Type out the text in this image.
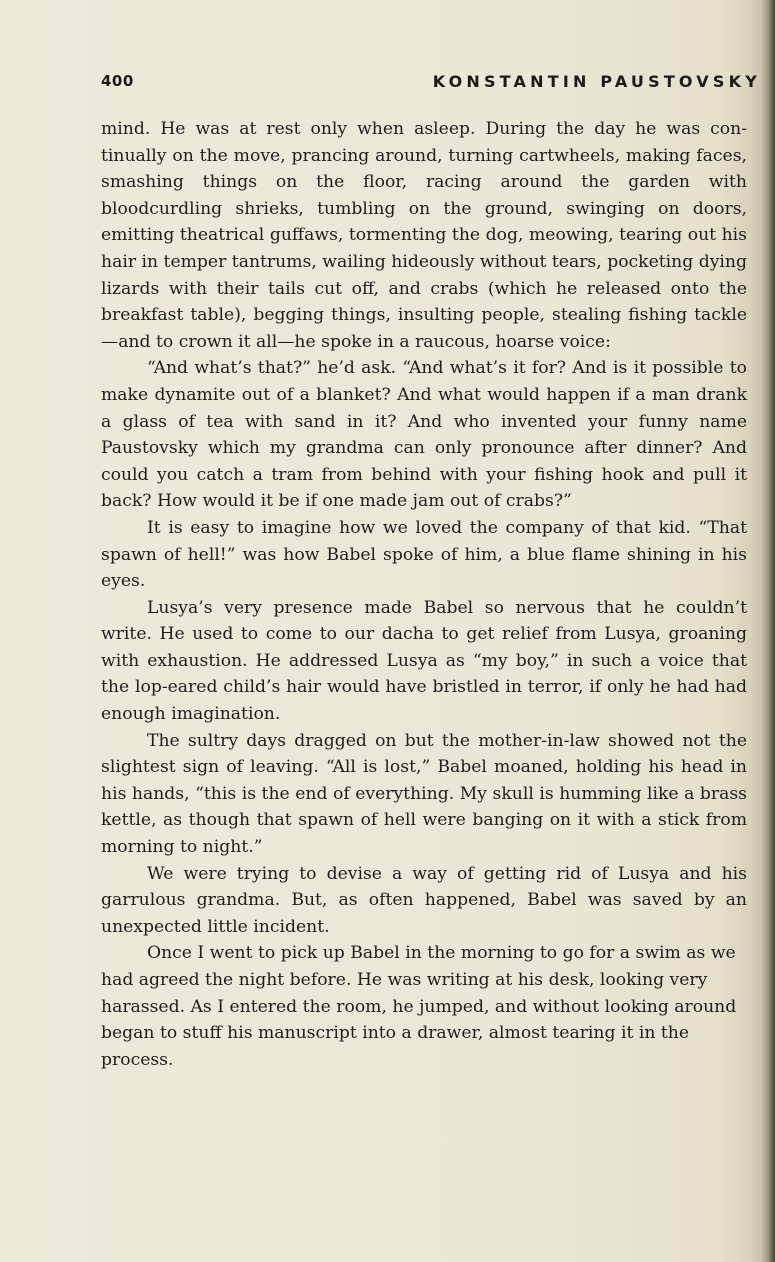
400	KONSTANTIN PAUSTOVSKY

mind. He was at rest only when asleep. During the day he was continually on the move, prancing around, turning cartwheels, making faces, smashing things on the floor, racing around the garden with bloodcurdling shrieks, tumbling on the ground, swinging on doors, emitting theatrical guffaws, tormenting the dog, meowing, tearing out his hair in temper tantrums, wailing hideously without tears, pocketing dying lizards with their tails cut off, and crabs (which he released onto the breakfast table), begging things, insulting people, stealing fishing tackle—and to crown it all—he spoke in a raucous, hoarse voice:

“And what’s that?” he’d ask. “And what’s it for? And is it possible to make dynamite out of a blanket? And what would happen if a man drank a glass of tea with sand in it? And who invented your funny name Paustovsky which my grandma can only pronounce after dinner? And could you catch a tram from behind with your fishing hook and pull it back? How would it be if one made jam out of crabs?”

It is easy to imagine how we loved the company of that kid. “That spawn of hell!” was how Babel spoke of him, a blue flame shining in his eyes.

Lusya’s very presence made Babel so nervous that he couldn’t write. He used to come to our dacha to get relief from Lusya, groaning with exhaustion. He addressed Lusya as “my boy,” in such a voice that the lop-eared child’s hair would have bristled in terror, if only he had had enough imagination.

The sultry days dragged on but the mother-in-law showed not the slightest sign of leaving. “All is lost,” Babel moaned, holding his head in his hands, “this is the end of everything. My skull is humming like a brass kettle, as though that spawn of hell were banging on it with a stick from morning to night.”

We were trying to devise a way of getting rid of Lusya and his garrulous grandma. But, as often happened, Babel was saved by an unexpected little incident.

Once I went to pick up Babel in the morning to go for a swim as we had agreed the night before. He was writing at his desk, looking very harassed. As I entered the room, he jumped, and without looking around began to stuff his manuscript into a drawer, almost tearing it in the process.
